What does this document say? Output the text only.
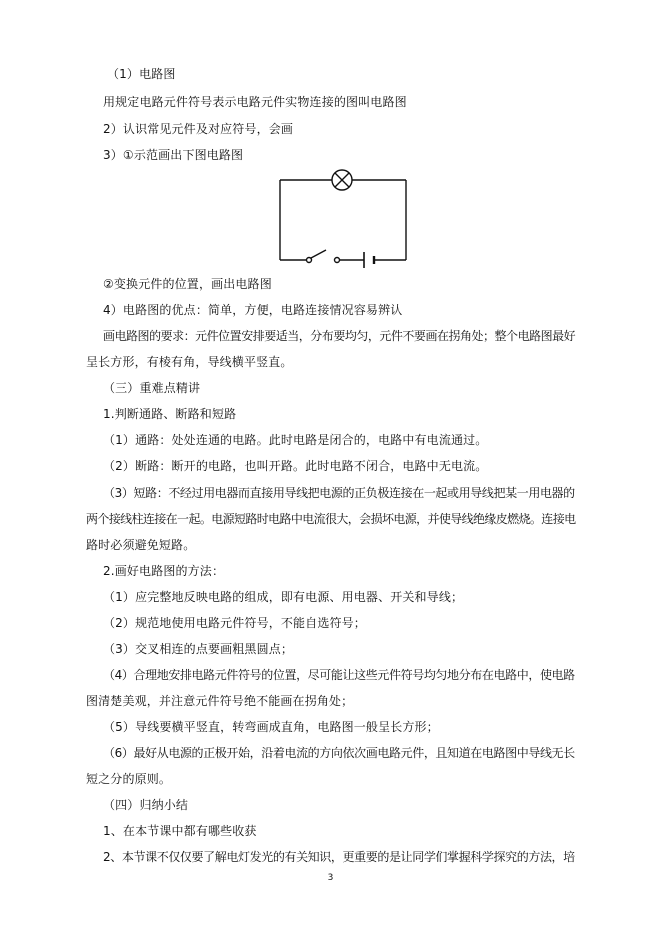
（1）电路图
用规定电路元件符号表示电路元件实物连接的图叫电路图
2）认识常见元件及对应符号，会画
3）①示范画出下图电路图
②变换元件的位置，画出电路图
4）电路图的优点：简单，方便，电路连接情况容易辨认
画电路图的要求：元件位置安排要适当，分布要均匀，元件不要画在拐角处；整个电路图最好
呈长方形，有棱有角，导线横平竖直。
（三）重难点精讲
1.判断通路、断路和短路
（1）通路：处处连通的电路。此时电路是闭合的，电路中有电流通过。
（2）断路：断开的电路，也叫开路。此时电路不闭合，电路中无电流。
（3）短路：不经过用电器而直接用导线把电源的正负极连接在一起或用导线把某一用电器的
两个接线柱连接在一起。电源短路时电路中电流很大，会损坏电源，并使导线绝缘皮燃烧。连接电
路时必须避免短路。
2.画好电路图的方法：
（1）应完整地反映电路的组成，即有电源、用电器、开关和导线；
（2）规范地使用电路元件符号，不能自选符号；
（3）交叉相连的点要画粗黑圆点；
（4）合理地安排电路元件符号的位置，尽可能让这些元件符号均匀地分布在电路中，使电路
图清楚美观，并注意元件符号绝不能画在拐角处；
（5）导线要横平竖直，转弯画成直角，电路图一般呈长方形；
（6）最好从电源的正极开始，沿着电流的方向依次画电路元件，且知道在电路图中导线无长
短之分的原则。
（四）归纳小结
1、在本节课中都有哪些收获
2、本节课不仅仅要了解电灯发光的有关知识，更重要的是让同学们掌握科学探究的方法，培
3
